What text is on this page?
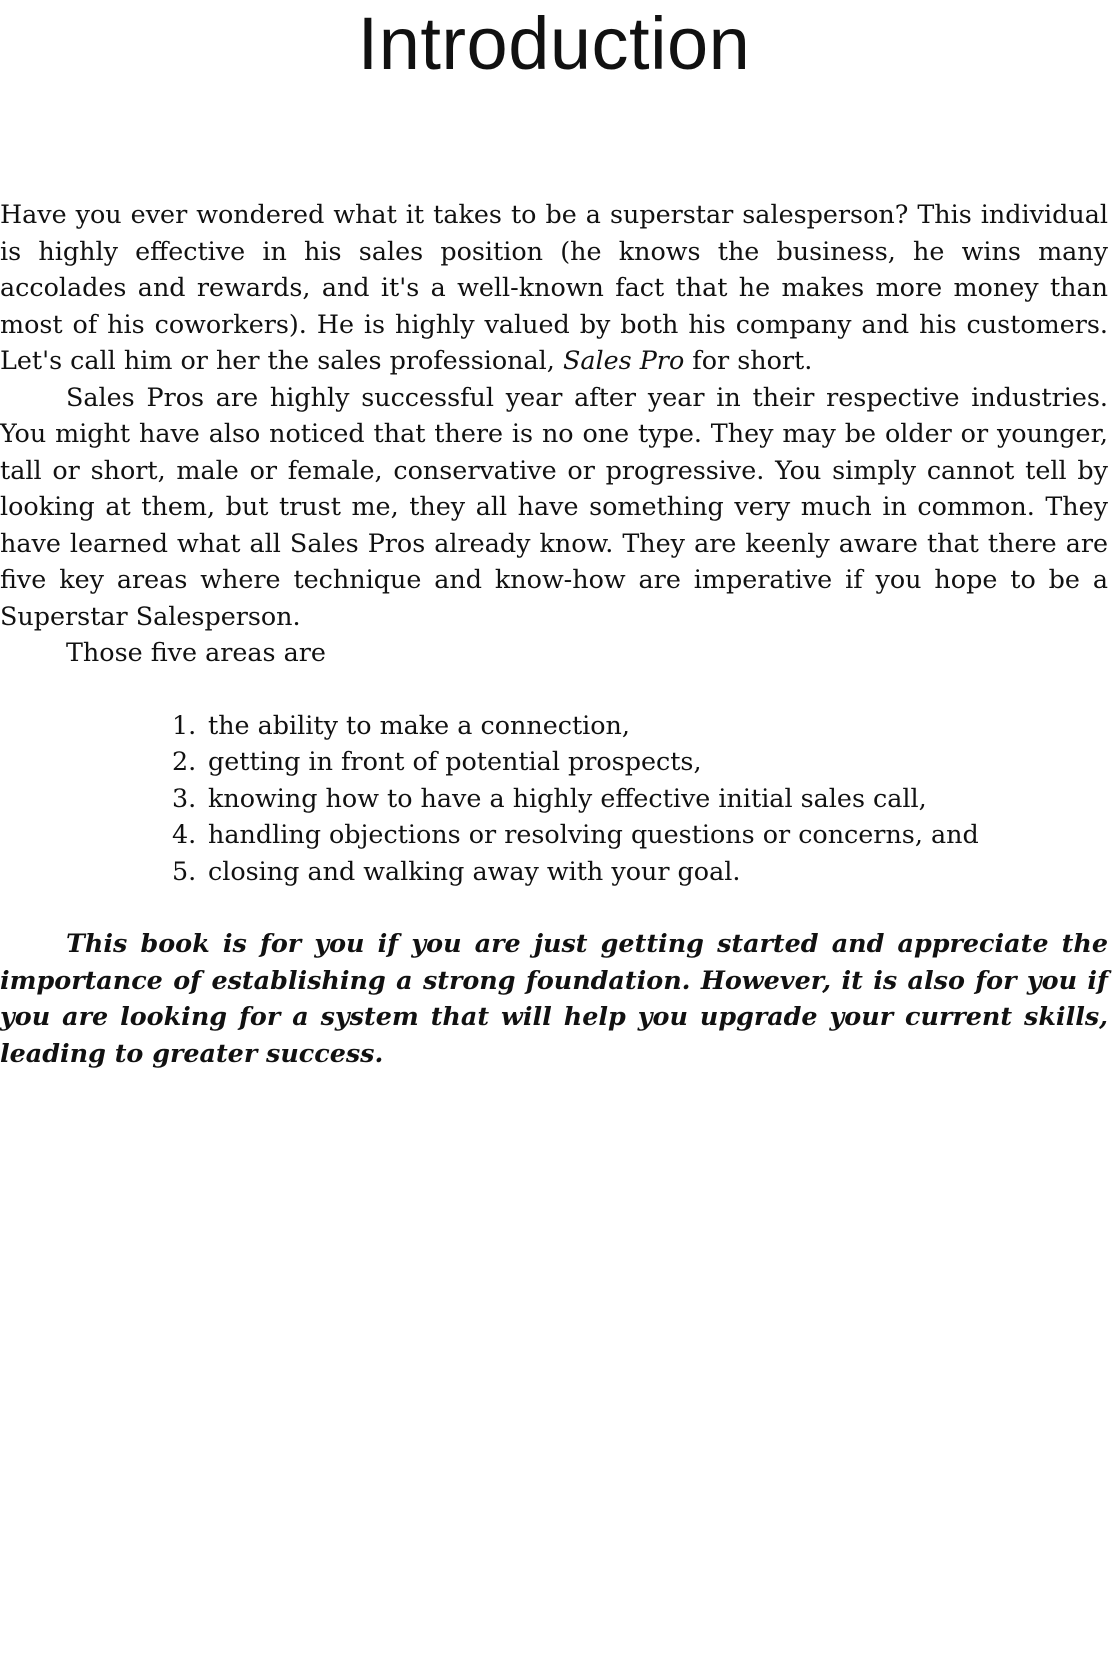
Introduction

Have you ever wondered what it takes to be a superstar salesperson? This individual is highly effective in his sales position (he knows the business, he wins many accolades and rewards, and it's a well-known fact that he makes more money than most of his coworkers). He is highly valued by both his company and his customers. Let's call him or her the sales professional, Sales Pro for short.

Sales Pros are highly successful year after year in their respective industries. You might have also noticed that there is no one type. They may be older or younger, tall or short, male or female, conservative or progressive. You simply cannot tell by looking at them, but trust me, they all have something very much in common. They have learned what all Sales Pros already know. They are keenly aware that there are five key areas where technique and know-how are imperative if you hope to be a Superstar Salesperson.

Those five areas are

1. the ability to make a connection,
2. getting in front of potential prospects,
3. knowing how to have a highly effective initial sales call,
4. handling objections or resolving questions or concerns, and
5. closing and walking away with your goal.

This book is for you if you are just getting started and appreciate the importance of establishing a strong foundation. However, it is also for you if you are looking for a system that will help you upgrade your current skills, leading to greater success.
